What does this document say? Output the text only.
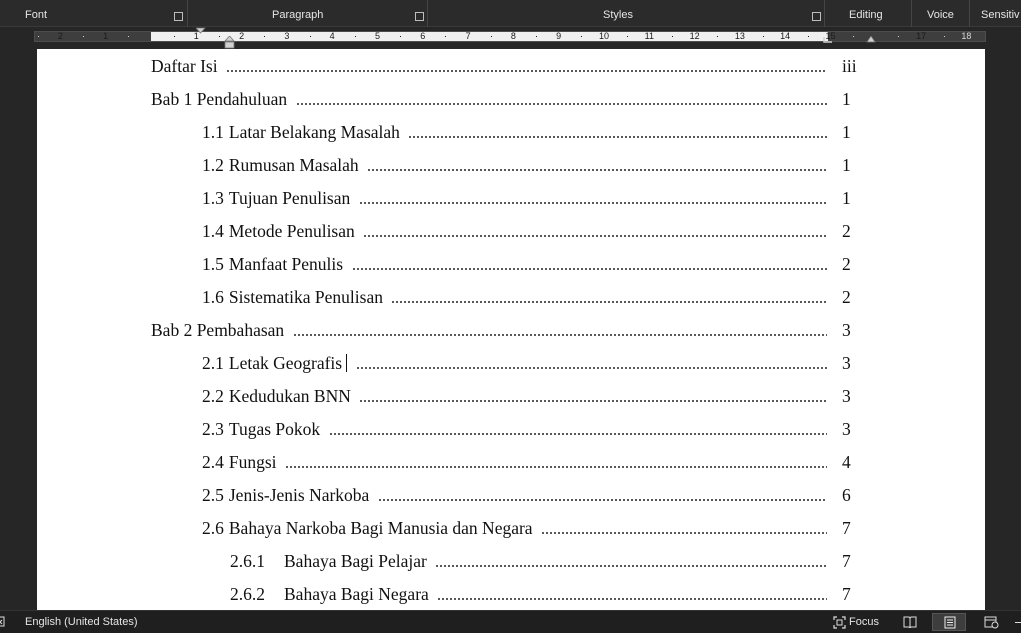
Font	Paragraph	Styles	Editing	Voice Sensitiv
2	1	1	2	3	4	5	6	7	8	9	10	11	12	13	14	15	17	18
Daftar Isi	iii
Bab 1 Pendahuluan	1
1.1 Latar Belakang Masalah	1
1.2 Rumusan Masalah	1
1.3 Tujuan Penulisan	1
1.4 Metode Penulisan	2
1.5 Manfaat Penulis	2
1.6 Sistematika Penulisan	2
Bab 2 Pembahasan	3
2.1 Letak Geografis	3
2.2 Kedudukan BNN	3
2.3 Tugas Pokok	3
2.4 Fungsi	4
2.5 Jenis-Jenis Narkoba	6
2.6 Bahaya Narkoba Bagi Manusia dan Negara	7
2.6.1 Bahaya Bagi Pelajar	7
2.6.2 Bahaya Bagi Negara	7
English (United States)	Focus
